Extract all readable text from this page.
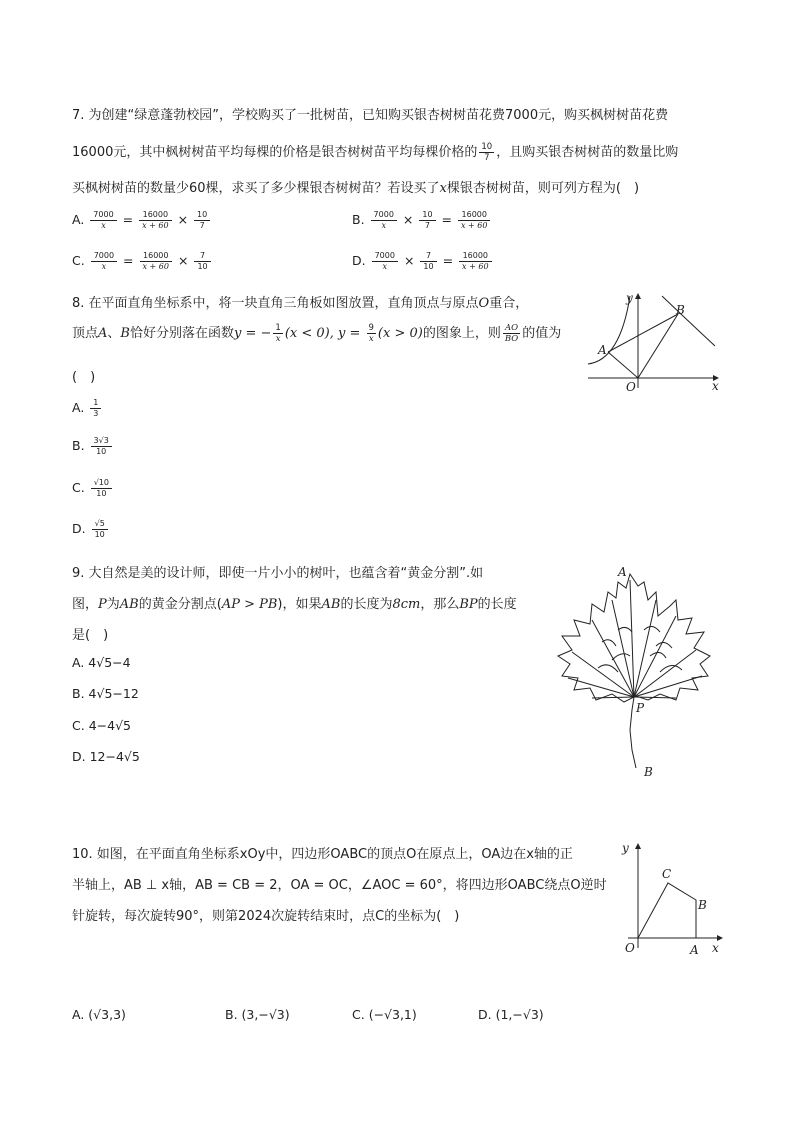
7. 为创建“绿意蓬勃校园”，学校购买了一批树苗，已知购买银杏树树苗花费7000元，购买枫树树苗花费
16000元，其中枫树树苗平均每棵的价格是银杏树树苗平均每棵价格的 $\frac{10}{7}$ ，且购买银杏树树苗的数量比购
买枫树树苗的数量少60棵，求买了多少棵银杏树树苗？若设买了x棵银杏树树苗，则可列方程为(　)
A. $\frac{7000}{x} = \frac{16000}{x + 60} \times \frac{10}{7}$	B. $\frac{7000}{x} \times \frac{10}{7} = \frac{16000}{x + 60}$
C. $\frac{7000}{x} = \frac{16000}{x + 60} \times \frac{7}{10}$	D. $\frac{7000}{x} \times \frac{7}{10} = \frac{16000}{x + 60}$
8. 在平面直角坐标系中，将一块直角三角板如图放置，直角顶点与原点O重合，
顶点A、B恰好分别落在函数y = − $\frac{1}{x} (x < 0)$, $y = \frac{9}{x} (x > 0)$的图象上，则 $\frac{AO}{BO}$ 的值为
(　)
A. $\frac{1}{3}$
B. $\frac{3√3}{10}$
C. $\frac{√10}{10}$
D. $\frac{√5}{10}$
y
x
O
A
B
9. 大自然是美的设计师，即使一片小小的树叶，也蕴含着“黄金分割”.如
图，P为AB的黄金分割点(AP > PB)，如果AB的长度为8cm，那么BP的长度
是(　)
A. 4√5−4
B. 4√5−12
C. 4−4√5
D. 12−4√5
A
P
B
10. 如图，在平面直角坐标系xOy中，四边形OABC的顶点O在原点上，OA边在x轴的正
半轴上，AB ⊥ x轴，AB = CB = 2，OA = OC，∠AOC = 60°，将四边形OABC绕点O逆时
针旋转，每次旋转90°，则第2024次旋转结束时，点C的坐标为(　)
A. (√3,3)	B. (3,−√3)	C. (−√3,1)	D. (1,−√3)
y
x
O	A
B
C
